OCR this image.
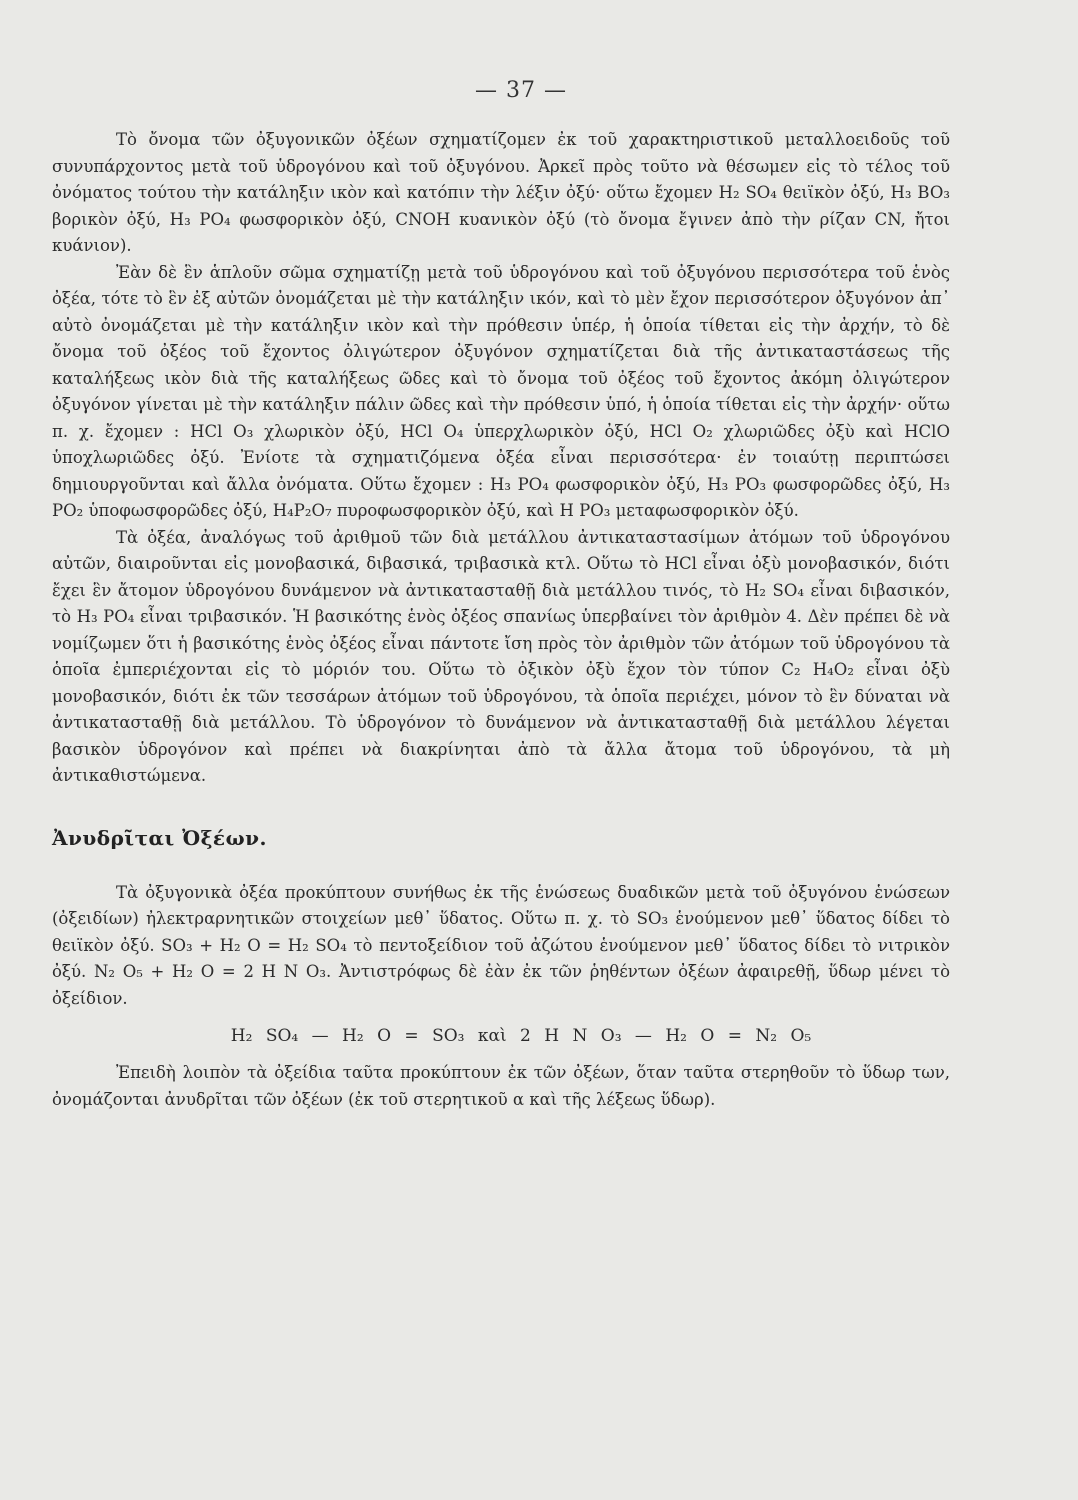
— 37 —

Τὸ ὄνομα τῶν ὀξυγονικῶν ὀξέων σχηματίζομεν ἐκ τοῦ χαρακτηριστικοῦ μεταλλοειδοῦς τοῦ συνυπάρχοντος μετὰ τοῦ ὑδρογόνου καὶ τοῦ ὀξυγόνου. Ἀρκεῖ πρὸς τοῦτο νὰ θέσωμεν εἰς τὸ τέλος τοῦ ὀνόματος τούτου τὴν κατάληξιν ικὸν καὶ κατόπιν τὴν λέξιν ὀξύ· οὕτω ἔχομεν H₂ SO₄ θειϊκὸν ὀξύ, H₃ BO₃ βορικὸν ὀξύ, H₃ PO₄ φωσφορικὸν ὀξύ, CNOH κυανικὸν ὀξύ (τὸ ὄνομα ἔγινεν ἀπὸ τὴν ρίζαν CN, ἤτοι κυάνιον).

Ἐὰν δὲ ἓν ἁπλοῦν σῶμα σχηματίζῃ μετὰ τοῦ ὑδρογόνου καὶ τοῦ ὀξυγόνου περισσότερα τοῦ ἑνὸς ὀξέα, τότε τὸ ἓν ἐξ αὐτῶν ὀνομάζεται μὲ τὴν κατάληξιν ικόν, καὶ τὸ μὲν ἔχον περισσότερον ὀξυγόνον ἀπ᾽ αὐτὸ ὀνομάζεται μὲ τὴν κατάληξιν ικὸν καὶ τὴν πρόθεσιν ὑπέρ, ἡ ὁποία τίθεται εἰς τὴν ἀρχήν, τὸ δὲ ὄνομα τοῦ ὀξέος τοῦ ἔχοντος ὀλιγώτερον ὀξυγόνον σχηματίζεται διὰ τῆς ἀντικαταστάσεως τῆς καταλήξεως ικὸν διὰ τῆς καταλήξεως ῶδες καὶ τὸ ὄνομα τοῦ ὀξέος τοῦ ἔχοντος ἀκόμη ὀλιγώτερον ὀξυγόνον γίνεται μὲ τὴν κατάληξιν πάλιν ῶδες καὶ τὴν πρόθεσιν ὑπό, ἡ ὁποία τίθεται εἰς τὴν ἀρχήν· οὕτω π. χ. ἔχομεν : HCl O₃ χλωρικὸν ὀξύ, HCl O₄ ὑπερχλωρικὸν ὀξύ, HCl O₂ χλωριῶδες ὀξὺ καὶ HClO ὑποχλωριῶδες ὀξύ. Ἐνίοτε τὰ σχηματιζόμενα ὀξέα εἶναι περισσότερα· ἐν τοιαύτῃ περιπτώσει δημιουργοῦνται καὶ ἄλλα ὀνόματα. Οὕτω ἔχομεν : H₃ PO₄ φωσφορικὸν ὀξύ, H₃ PO₃ φωσφορῶδες ὀξύ, H₃ PO₂ ὑποφωσφορῶδες ὀξύ, H₄P₂O₇ πυροφωσφορικὸν ὀξύ, καὶ H PO₃ μεταφωσφορικὸν ὀξύ.

Τὰ ὀξέα, ἀναλόγως τοῦ ἀριθμοῦ τῶν διὰ μετάλλου ἀντικαταστασίμων ἀτόμων τοῦ ὑδρογόνου αὐτῶν, διαιροῦνται εἰς μονοβασικά, διβασικά, τριβασικὰ κτλ. Οὕτω τὸ HCl εἶναι ὀξὺ μονοβασικόν, διότι ἔχει ἓν ἄτομον ὑδρογόνου δυνάμενον νὰ ἀντικατασταθῇ διὰ μετάλλου τινός, τὸ H₂ SO₄ εἶναι διβασικόν, τὸ H₃ PO₄ εἶναι τριβασικόν. Ἡ βασικότης ἑνὸς ὀξέος σπανίως ὑπερβαίνει τὸν ἀριθμὸν 4. Δὲν πρέπει δὲ νὰ νομίζωμεν ὅτι ἡ βασικότης ἑνὸς ὀξέος εἶναι πάντοτε ἴση πρὸς τὸν ἀριθμὸν τῶν ἀτόμων τοῦ ὑδρογόνου τὰ ὁποῖα ἐμπεριέχονται εἰς τὸ μόριόν του. Οὕτω τὸ ὀξικὸν ὀξὺ ἔχον τὸν τύπον C₂ H₄O₂ εἶναι ὀξὺ μονοβασικόν, διότι ἐκ τῶν τεσσάρων ἀτόμων τοῦ ὑδρογόνου, τὰ ὁποῖα περιέχει, μόνον τὸ ἓν δύναται νὰ ἀντικατασταθῇ διὰ μετάλλου. Τὸ ὑδρογόνον τὸ δυνάμενον νὰ ἀντικατασταθῇ διὰ μετάλλου λέγεται βασικὸν ὑδρογόνον καὶ πρέπει νὰ διακρίνηται ἀπὸ τὰ ἄλλα ἄτομα τοῦ ὑδρογόνου, τὰ μὴ ἀντικαθιστώμενα.

Ἀνυδρῖται Ὀξέων.

Τὰ ὀξυγονικὰ ὀξέα προκύπτουν συνήθως ἐκ τῆς ἑνώσεως δυαδικῶν μετὰ τοῦ ὀξυγόνου ἑνώσεων (ὀξειδίων) ἠλεκτραρνητικῶν στοιχείων μεθ᾽ ὕδατος. Οὕτω π. χ. τὸ SO₃ ἑνούμενον μεθ᾽ ὕδατος δίδει τὸ θειϊκὸν ὀξύ. SO₃ + H₂ O = H₂ SO₄ τὸ πεντοξείδιον τοῦ ἀζώτου ἑνούμενον μεθ᾽ ὕδατος δίδει τὸ νιτρικὸν ὀξύ. N₂ O₅ + H₂ O = 2 H N O₃. Ἀντιστρόφως δὲ ἐὰν ἐκ τῶν ῥηθέντων ὀξέων ἀφαιρεθῇ, ὕδωρ μένει τὸ ὀξείδιον.

H₂ SO₄ — H₂ O = SO₃ καὶ 2 H N O₃ — H₂ O = N₂ O₅

Ἐπειδὴ λοιπὸν τὰ ὀξείδια ταῦτα προκύπτουν ἐκ τῶν ὀξέων, ὅταν ταῦτα στερηθοῦν τὸ ὕδωρ των, ὀνομάζονται ἀνυδρῖται τῶν ὀξέων (ἐκ τοῦ στερητικοῦ α καὶ τῆς λέξεως ὕδωρ).
